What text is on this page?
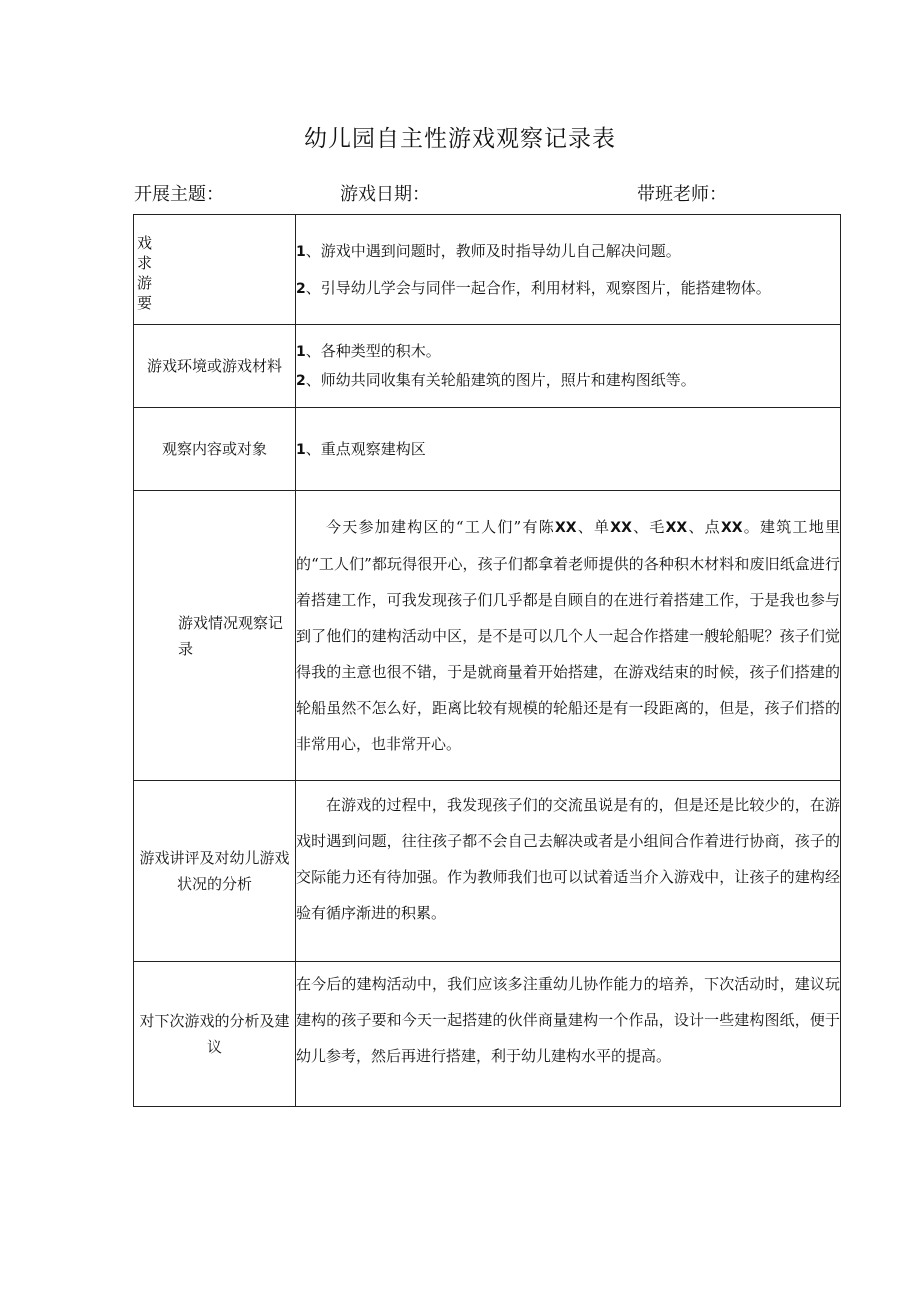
幼儿园自主性游戏观察记录表
开展主题：	游戏日期：	带班老师：
戏求游要	1、游戏中遇到问题时，教师及时指导幼儿自己解决问题。
2、引导幼儿学会与同伴一起合作，利用材料，观察图片，能搭建物体。

游戏环境或游戏材料	1、各种类型的积木。
2、师幼共同收集有关轮船建筑的图片，照片和建构图纸等。

观察内容或对象	1、重点观察建构区

游戏情况观察记录	今天参加建构区的“工人们”有陈XX、单XX、毛XX、点XX。建筑工地里的“工人们”都玩得很开心，孩子们都拿着老师提供的各种积木材料和废旧纸盒进行着搭建工作，可我发现孩子们几乎都是自顾自的在进行着搭建工作，于是我也参与到了他们的建构活动中区，是不是可以几个人一起合作搭建一艘轮船呢？孩子们觉得我的主意也很不错，于是就商量着开始搭建，在游戏结束的时候，孩子们搭建的轮船虽然不怎么好，距离比较有规模的轮船还是有一段距离的，但是，孩子们搭的非常用心，也非常开心。

游戏讲评及对幼儿游戏状况的分析	在游戏的过程中，我发现孩子们的交流虽说是有的，但是还是比较少的，在游戏时遇到问题，往往孩子都不会自己去解决或者是小组间合作着进行协商，孩子的交际能力还有待加强。作为教师我们也可以试着适当介入游戏中，让孩子的建构经验有循序渐进的积累。

对下次游戏的分析及建议	在今后的建构活动中，我们应该多注重幼儿协作能力的培养，下次活动时，建议玩建构的孩子要和今天一起搭建的伙伴商量建构一个作品，设计一些建构图纸，便于幼儿参考，然后再进行搭建，利于幼儿建构水平的提高。
